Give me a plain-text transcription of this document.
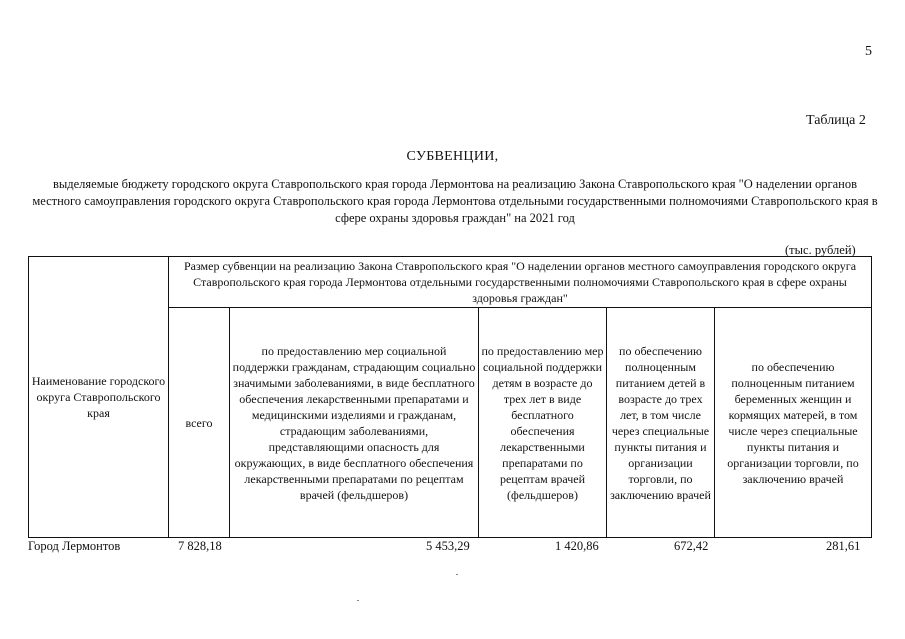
5
Таблица 2
СУБВЕНЦИИ,
выделяемые бюджету городского округа Ставропольского края города Лермонтова на реализацию Закона Ставропольского края "О наделении органов местного самоуправления городского округа Ставропольского края города Лермонтова отдельными государственными полномочиями Ставропольского края в сфере охраны здоровья граждан" на 2021 год
(тыс. рублей)
Наименование городского округа Ставропольского края	Размер субвенции на реализацию Закона Ставропольского края "О наделении органов местного самоуправления городского округа Ставропольского края города Лермонтова отдельными государственными полномочиями Ставропольского края в сфере охраны здоровья граждан"				
	всего	по предоставлению мер социальной поддержки гражданам, страдающим социально значимыми заболеваниями, в виде бесплатного обеспечения лекарственными препаратами и медицинскими изделиями и гражданам, страдающим заболеваниями, представляющими опасность для окружающих, в виде бесплатного обеспечения лекарственными препаратами по рецептам врачей (фельдшеров)	по предоставлению мер социальной поддержки детям в возрасте до трех лет в виде бесплатного обеспечения лекарственными препаратами по рецептам врачей (фельдшеров)	по обеспечению полноценным питанием детей в возрасте до трех лет, в том числе через специальные пункты питания и организации торговли, по заключению врачей	по обеспечению полноценным питанием беременных женщин и кормящих матерей, в том числе через специальные пункты питания и организации торговли, по заключению врачей
Город Лермонтов	7 828,18	5 453,29	1 420,86	672,42	281,61
